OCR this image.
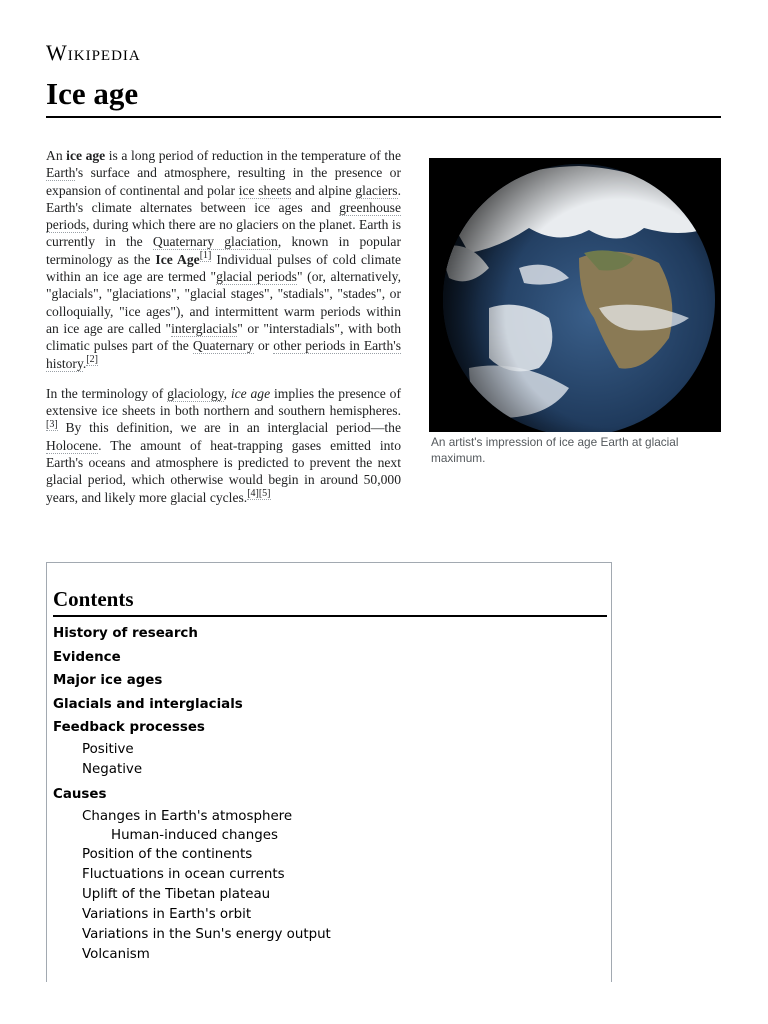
Wikipedia
Ice age
An artist's impression of ice age Earth at glacial maximum.

An ice age is a long period of reduction in the temperature of the Earth's surface and atmosphere, resulting in the presence or expansion of continental and polar ice sheets and alpine glaciers. Earth's climate alternates between ice ages and greenhouse periods, during which there are no glaciers on the planet. Earth is currently in the Quaternary glaciation, known in popular terminology as the Ice Age[1] Individual pulses of cold climate within an ice age are termed "glacial periods" (or, alternatively, "glacials", "glaciations", "glacial stages", "stadials", "stades", or colloquially, "ice ages"), and intermittent warm periods within an ice age are called "interglacials" or "interstadials", with both climatic pulses part of the Quaternary or other periods in Earth's history.[2]

In the terminology of glaciology, ice age implies the presence of extensive ice sheets in both northern and southern hemispheres.[3] By this definition, we are in an interglacial period—the Holocene. The amount of heat-trapping gases emitted into Earth's oceans and atmosphere is predicted to prevent the next glacial period, which otherwise would begin in around 50,000 years, and likely more glacial cycles.[4][5]

Contents
History of research
Evidence
Major ice ages
Glacials and interglacials
Feedback processes
Positive
Negative
Causes
Changes in Earth's atmosphere
Human-induced changes
Position of the continents
Fluctuations in ocean currents
Uplift of the Tibetan plateau
Variations in Earth's orbit
Variations in the Sun's energy output
Volcanism
